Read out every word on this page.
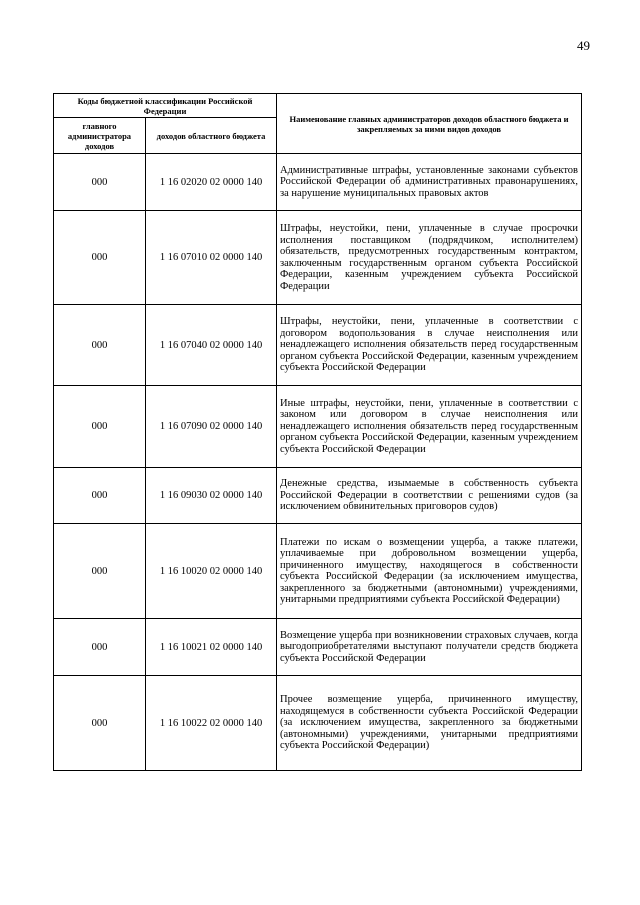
49
Коды бюджетной классификации Российской Федерации		Наименование главных администраторов доходов областного бюджета и закрепляемых за ними видов доходов
главного администратора доходов	доходов областного бюджета	
000	1 16 02020 02 0000 140	Административные штрафы, установленные законами субъектов Российской Федерации об административных правонарушениях, за нарушение муниципальных правовых актов
000	1 16 07010 02 0000 140	Штрафы, неустойки, пени, уплаченные в случае просрочки исполнения поставщиком (подрядчиком, исполнителем) обязательств, предусмотренных государственным контрактом, заключенным государственным органом субъекта Российской Федерации, казенным учреждением субъекта Российской Федерации
000	1 16 07040 02 0000 140	Штрафы, неустойки, пени, уплаченные в соответствии с договором водопользования в случае неисполнения или ненадлежащего исполнения обязательств перед государственным органом субъекта Российской Федерации, казенным учреждением субъекта Российской Федерации
000	1 16 07090 02 0000 140	Иные штрафы, неустойки, пени, уплаченные в соответствии с законом или договором в случае неисполнения или ненадлежащего исполнения обязательств перед государственным органом субъекта Российской Федерации, казенным учреждением субъекта Российской Федерации
000	1 16 09030 02 0000 140	Денежные средства, изымаемые в собственность субъекта Российской Федерации в соответствии с решениями судов (за исключением обвинительных приговоров судов)
000	1 16 10020 02 0000 140	Платежи по искам о возмещении ущерба, а также платежи, уплачиваемые при добровольном возмещении ущерба, причиненного имуществу, находящегося в собственности субъекта Российской Федерации (за исключением имущества, закрепленного за бюджетными (автономными) учреждениями, унитарными предприятиями субъекта Российской Федерации)
000	1 16 10021 02 0000 140	Возмещение ущерба при возникновении страховых случаев, когда выгодоприобретателями выступают получатели средств бюджета субъекта Российской Федерации
000	1 16 10022 02 0000 140	Прочее возмещение ущерба, причиненного имуществу, находящемуся в собственности субъекта Российской Федерации (за исключением имущества, закрепленного за бюджетными (автономными) учреждениями, унитарными предприятиями субъекта Российской Федерации)
